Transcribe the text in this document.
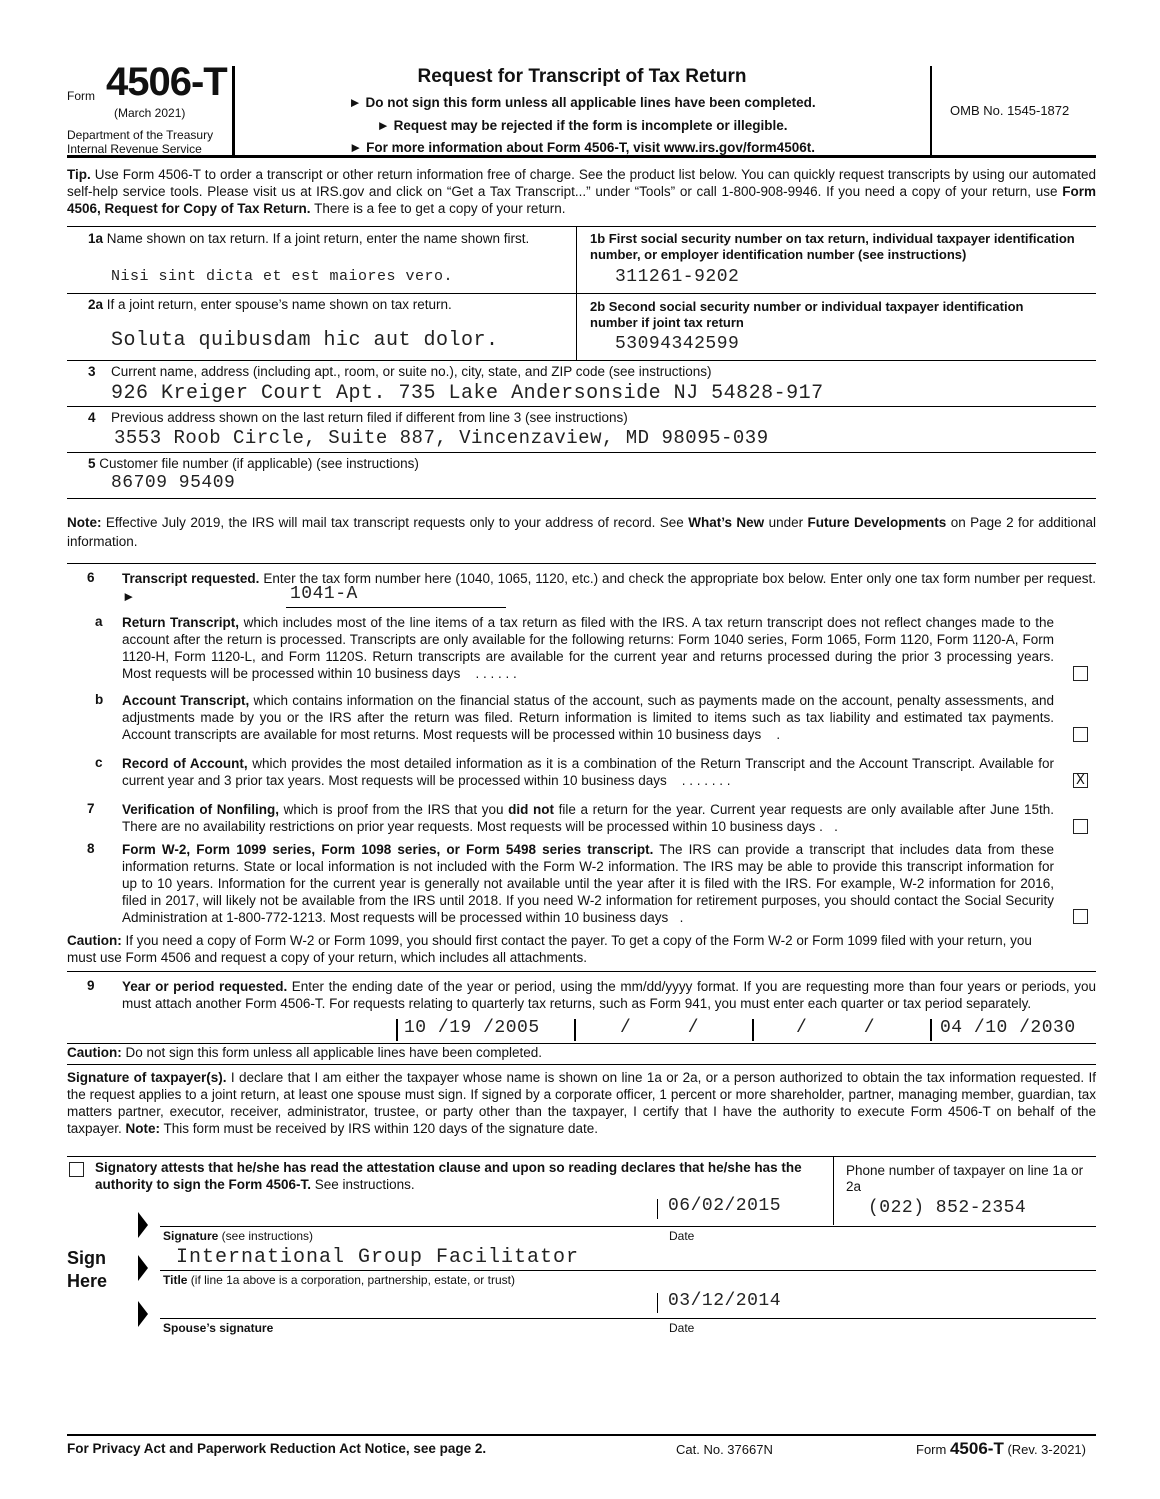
Form 4506-T
(March 2021)
Department of the Treasury
Internal Revenue Service
Request for Transcript of Tax Return
► Do not sign this form unless all applicable lines have been completed.
► Request may be rejected if the form is incomplete or illegible.
► For more information about Form 4506-T, visit www.irs.gov/form4506t.
OMB No. 1545-1872
Tip. Use Form 4506-T to order a transcript or other return information free of charge. See the product list below. You can quickly request transcripts by using our automated self-help service tools. Please visit us at IRS.gov and click on “Get a Tax Transcript...” under “Tools” or call 1-800-908-9946. If you need a copy of your return, use Form 4506, Request for Copy of Tax Return. There is a fee to get a copy of your return.
1a Name shown on tax return. If a joint return, enter the name shown first.
Nisi sint dicta et est maiores vero.
1b First social security number on tax return, individual taxpayer identification number, or employer identification number (see instructions)
311261-9202
2a If a joint return, enter spouse’s name shown on tax return.
Soluta quibusdam hic aut dolor.
2b Second social security number or individual taxpayer identification number if joint tax return
53094342599
3 Current name, address (including apt., room, or suite no.), city, state, and ZIP code (see instructions)
926 Kreiger Court Apt. 735 Lake Andersonside NJ 54828-917
4 Previous address shown on the last return filed if different from line 3 (see instructions)
3553 Roob Circle, Suite 887, Vincenzaview, MD 98095-039
5 Customer file number (if applicable) (see instructions)
86709 95409
Note: Effective July 2019, the IRS will mail tax transcript requests only to your address of record. See What’s New under Future Developments on Page 2 for additional information.
6 Transcript requested. Enter the tax form number here (1040, 1065, 1120, etc.) and check the appropriate box below. Enter only one tax form number per request. ►	1041-A
a Return Transcript, which includes most of the line items of a tax return as filed with the IRS. A tax return transcript does not reflect changes made to the account after the return is processed. Transcripts are only available for the following returns: Form 1040 series, Form 1065, Form 1120, Form 1120-A, Form 1120-H, Form 1120-L, and Form 1120S. Return transcripts are available for the current year and returns processed during the prior 3 processing years. Most requests will be processed within 10 business days . . . . . .
b Account Transcript, which contains information on the financial status of the account, such as payments made on the account, penalty assessments, and adjustments made by you or the IRS after the return was filed. Return information is limited to items such as tax liability and estimated tax payments. Account transcripts are available for most returns. Most requests will be processed within 10 business days .
c Record of Account, which provides the most detailed information as it is a combination of the Return Transcript and the Account Transcript. Available for current year and 3 prior tax years. Most requests will be processed within 10 business days . . . . . . .	X
7 Verification of Nonfiling, which is proof from the IRS that you did not file a return for the year. Current year requests are only available after June 15th. There are no availability restrictions on prior year requests. Most requests will be processed within 10 business days . .
8 Form W-2, Form 1099 series, Form 1098 series, or Form 5498 series transcript. The IRS can provide a transcript that includes data from these information returns. State or local information is not included with the Form W-2 information. The IRS may be able to provide this transcript information for up to 10 years. Information for the current year is generally not available until the year after it is filed with the IRS. For example, W-2 information for 2016, filed in 2017, will likely not be available from the IRS until 2018. If you need W-2 information for retirement purposes, you should contact the Social Security Administration at 1-800-772-1213. Most requests will be processed within 10 business days .
Caution: If you need a copy of Form W-2 or Form 1099, you should first contact the payer. To get a copy of the Form W-2 or Form 1099 filed with your return, you must use Form 4506 and request a copy of your return, which includes all attachments.
9 Year or period requested. Enter the ending date of the year or period, using the mm/dd/yyyy format. If you are requesting more than four years or periods, you must attach another Form 4506-T. For requests relating to quarterly tax returns, such as Form 941, you must enter each quarter or tax period separately.
10 /19 /2005	/     /	/     /	04 /10 /2030
Caution: Do not sign this form unless all applicable lines have been completed.
Signature of taxpayer(s). I declare that I am either the taxpayer whose name is shown on line 1a or 2a, or a person authorized to obtain the tax information requested. If the request applies to a joint return, at least one spouse must sign. If signed by a corporate officer, 1 percent or more shareholder, partner, managing member, guardian, tax matters partner, executor, receiver, administrator, trustee, or party other than the taxpayer, I certify that I have the authority to execute Form 4506-T on behalf of the taxpayer. Note: This form must be received by IRS within 120 days of the signature date.
Signatory attests that he/she has read the attestation clause and upon so reading declares that he/she has the authority to sign the Form 4506-T. See instructions.
Phone number of taxpayer on line 1a or 2a
(022) 852-2354
06/02/2015
Signature (see instructions)	Date
Sign Here
International Group Facilitator
Title (if line 1a above is a corporation, partnership, estate, or trust)
03/12/2014
Spouse’s signature	Date
For Privacy Act and Paperwork Reduction Act Notice, see page 2.	Cat. No. 37667N	Form 4506-T (Rev. 3-2021)
